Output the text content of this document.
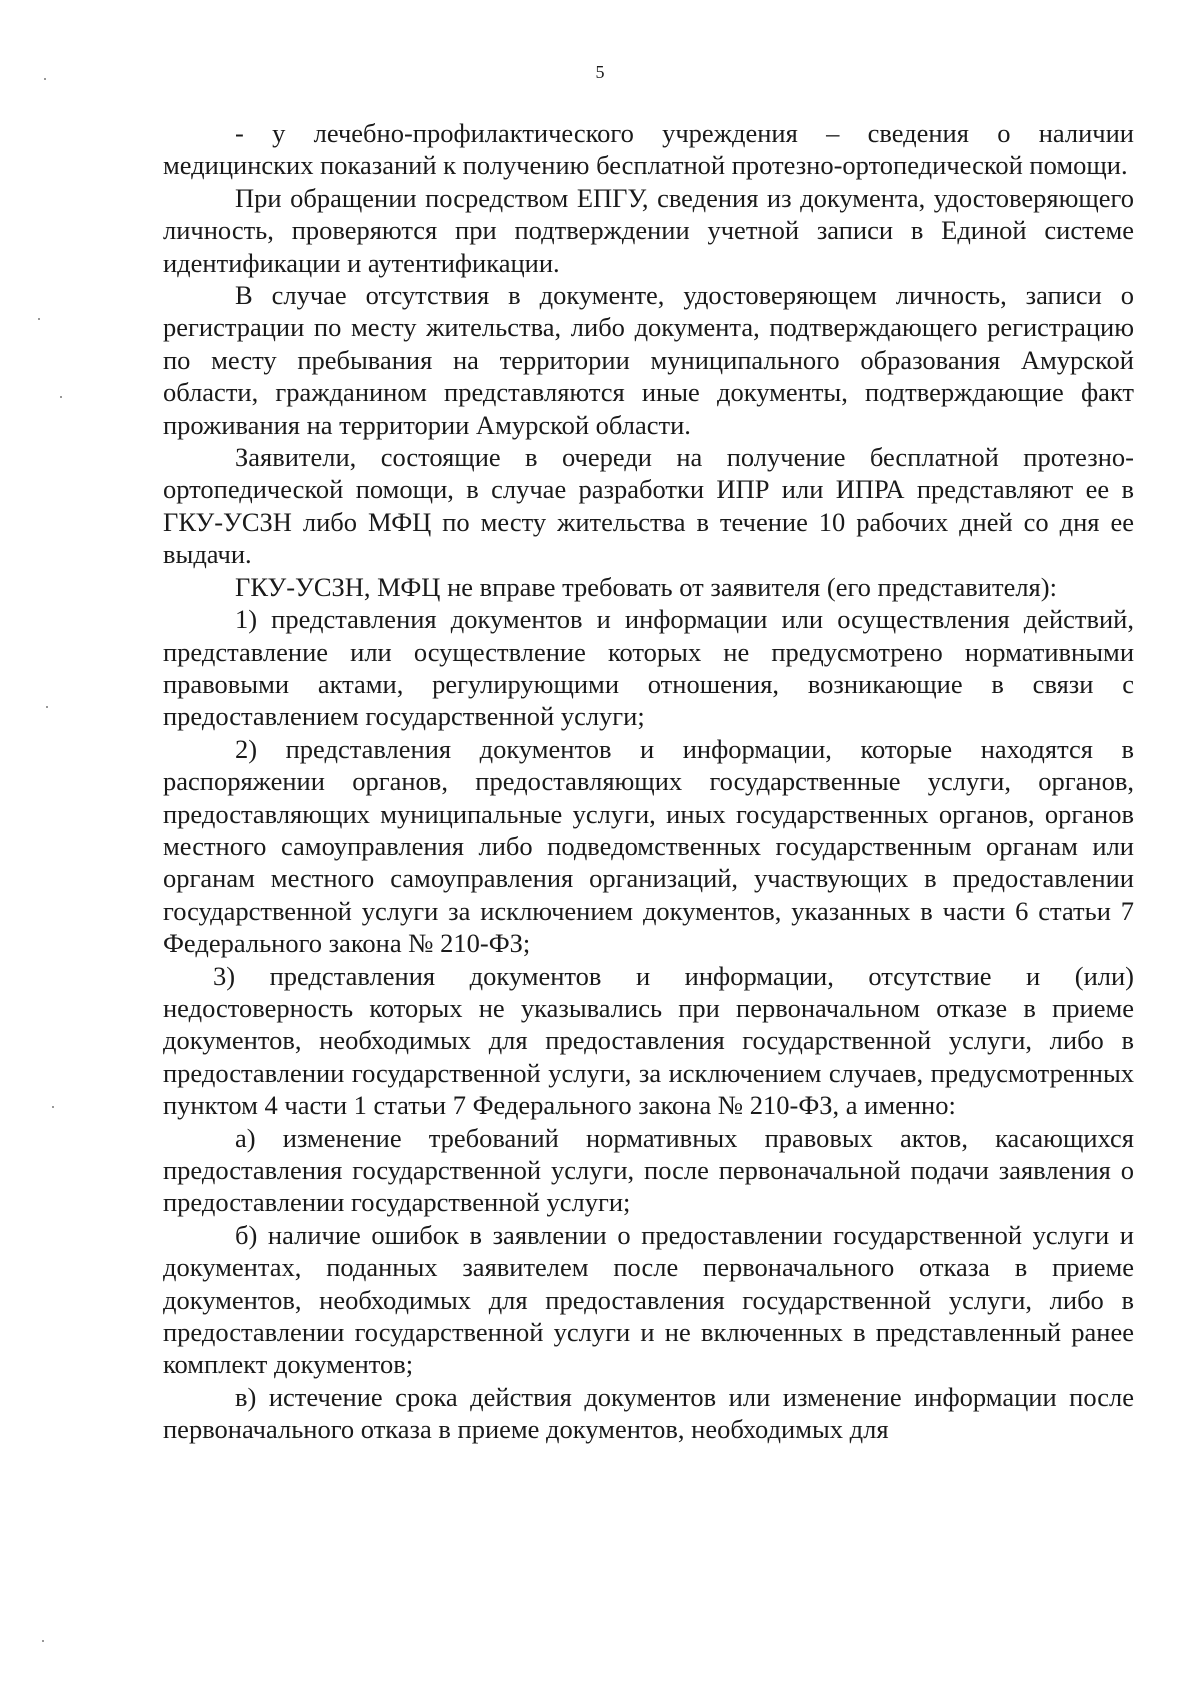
5

- у лечебно-профилактического учреждения – сведения о наличии медицинских показаний к получению бесплатной протезно-ортопедической помощи.

При обращении посредством ЕПГУ, сведения из документа, удостоверяющего личность, проверяются при подтверждении учетной записи в Единой системе идентификации и аутентификации.

В случае отсутствия в документе, удостоверяющем личность, записи о регистрации по месту жительства, либо документа, подтверждающего регистрацию по месту пребывания на территории муниципального образования Амурской области, гражданином представляются иные документы, подтверждающие факт проживания на территории Амурской области.

Заявители, состоящие в очереди на получение бесплатной протезно-ортопедической помощи, в случае разработки ИПР или ИПРА представляют ее в ГКУ-УСЗН либо МФЦ по месту жительства в течение 10 рабочих дней со дня ее выдачи.

ГКУ-УСЗН, МФЦ не вправе требовать от заявителя (его представителя):

1) представления документов и информации или осуществления действий, представление или осуществление которых не предусмотрено нормативными правовыми актами, регулирующими отношения, возникающие в связи с предоставлением государственной услуги;

2) представления документов и информации, которые находятся в распоряжении органов, предоставляющих государственные услуги, органов, предоставляющих муниципальные услуги, иных государственных органов, органов местного самоуправления либо подведомственных государственным органам или органам местного самоуправления организаций, участвующих в предоставлении государственной услуги за исключением документов, указанных в части 6 статьи 7 Федерального закона № 210-ФЗ;

3) представления документов и информации, отсутствие и (или) недостоверность которых не указывались при первоначальном отказе в приеме документов, необходимых для предоставления государственной услуги, либо в предоставлении государственной услуги, за исключением случаев, предусмотренных пунктом 4 части 1 статьи 7 Федерального закона № 210-ФЗ, а именно:

а) изменение требований нормативных правовых актов, касающихся предоставления государственной услуги, после первоначальной подачи заявления о предоставлении государственной услуги;

б) наличие ошибок в заявлении о предоставлении государственной услуги и документах, поданных заявителем после первоначального отказа в приеме документов, необходимых для предоставления государственной услуги, либо в предоставлении государственной услуги и не включенных в представленный ранее комплект документов;

в) истечение срока действия документов или изменение информации после первоначального отказа в приеме документов, необходимых для
